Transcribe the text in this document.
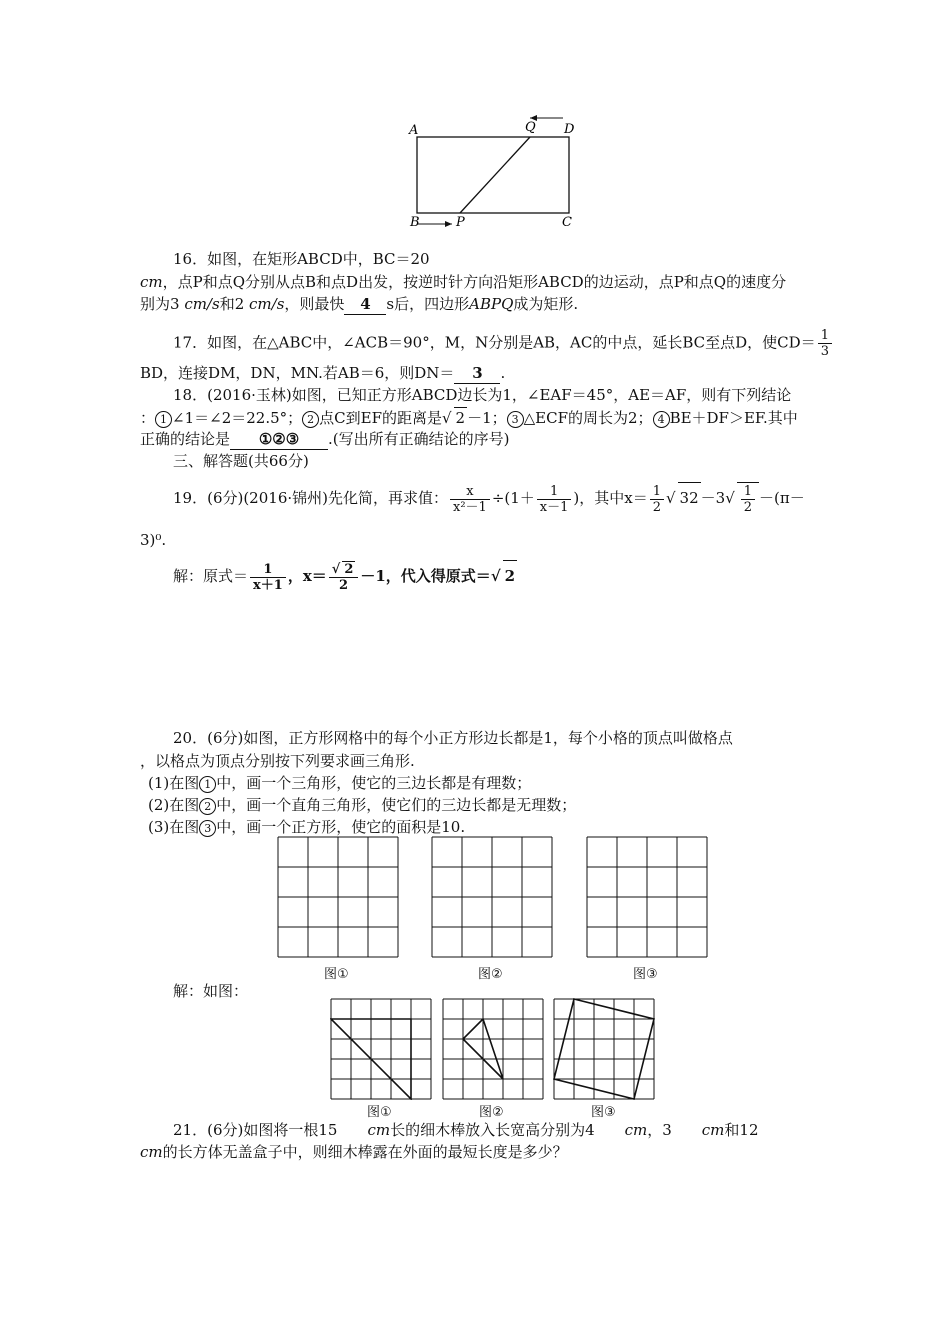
A	Q D
B	P	C
16．如图，在矩形ABCD中，BC＝20
cm，点P和点Q分别从点B和点D出发，按逆时针方向沿矩形ABCD的边运动，点P和点Q的速度分
别为3 cm/s和2 cm/s，则最快 4 s后，四边形ABPQ成为矩形.
17．如图，在△ABC中，∠ACB＝90°，M，N分别是AB，AC的中点，延长BC至点D，使$CD= \frac{1}{3}$
BD，连接DM，DN，MN.若AB＝6，则DN＝ 3 .
18．(2016·玉林)如图，已知正方形ABCD边长为1，∠EAF＝45°，AE＝AF，则有下列结论
： 1 ∠1＝∠2＝22.5°； 2 点C到EF的距离是√ 2 －1； 3 △ECF的周长为2； 4 BE＋DF＞EF.其中
正确的结论是 ①②③ .(写出所有正确结论的序号)
三、解答题(共66分)
19．(6分)(2016·锦州)先化简，再求值： $\frac{x}{\text{x²－1}} \div(1+ \frac{1}{x-1}$ )，其中$x= \frac{1}{2}$ √ $32 -3√ \frac{1}{2} -(\pi-$
3)⁰.
解：原式＝ $\frac{1}{x+1}$ ，$x= \frac{√ 2}{2} -1$，代入得原式＝√ 2
20．(6分)如图，正方形网格中的每个小正方形边长都是1，每个小格的顶点叫做格点
，以格点为顶点分别按下列要求画三角形.
(1)在图 1 中，画一个三角形，使它的三边长都是有理数；
(2)在图 2 中，画一个直角三角形，使它们的三边长都是无理数；
(3)在图 3 中，画一个正方形，使它的面积是10.
图①	图②	图③
解：如图：
图①	图②	图③
21．(6分)如图将一根15 cm长的细木棒放入长宽高分别为4 cm，3 cm和12
cm的长方体无盖盒子中，则细木棒露在外面的最短长度是多少？
